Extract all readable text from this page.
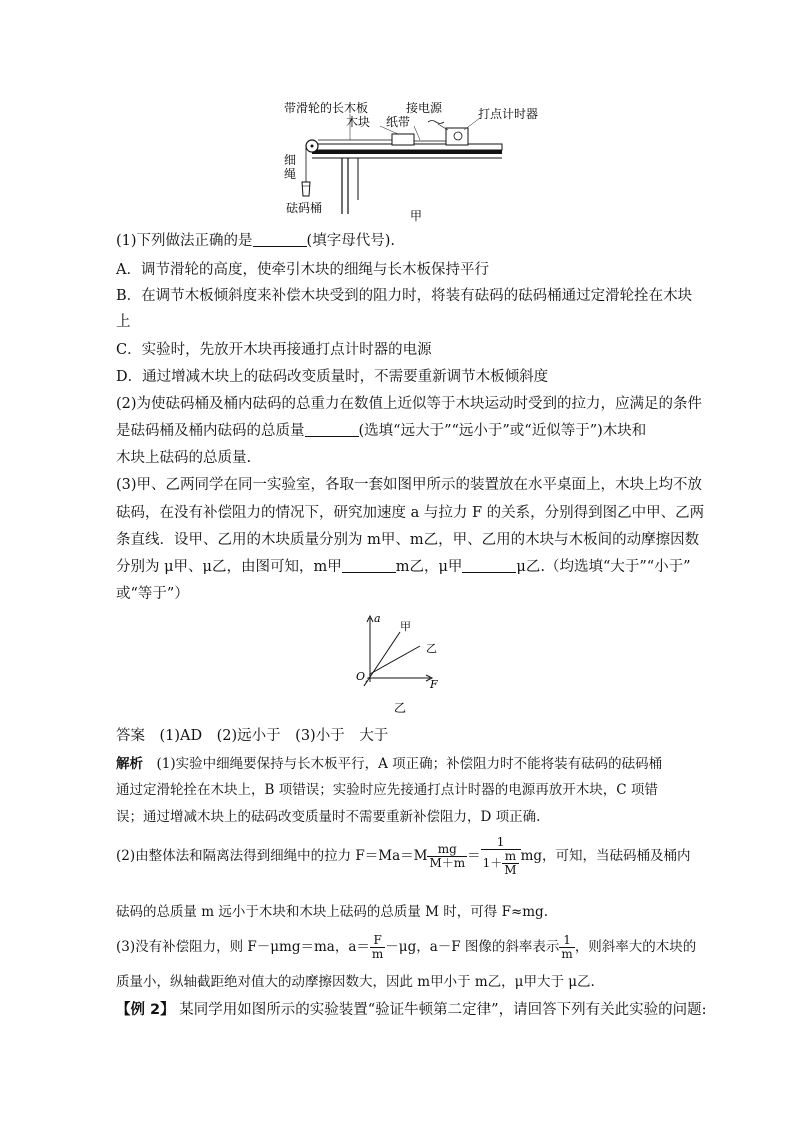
带滑轮的长木板
木块 纸带
接电源	打点计时器
细
绳
砝码桶
甲
(1)下列做法正确的是	(填字母代号).
A．调节滑轮的高度，使牵引木块的细绳与长木板保持平行
B．在调节木板倾斜度来补偿木块受到的阻力时，将装有砝码的砝码桶通过定滑轮拴在木块
上
C．实验时，先放开木块再接通打点计时器的电源
D．通过增减木块上的砝码改变质量时，不需要重新调节木板倾斜度
(2)为使砝码桶及桶内砝码的总重力在数值上近似等于木块运动时受到的拉力，应满足的条件
是砝码桶及桶内砝码的总质量	(选填“远大于”“远小于”或“近似等于”)木块和
木块上砝码的总质量.
(3)甲、乙两同学在同一实验室，各取一套如图甲所示的装置放在水平桌面上，木块上均不放
砝码，在没有补偿阻力的情况下，研究加速度 a 与拉力 F 的关系，分别得到图乙中甲、乙两
条直线．设甲、乙用的木块质量分别为 m甲、m乙，甲、乙用的木块与木板间的动摩擦因数
分别为 μ甲、μ乙，由图可知，m甲	m乙，μ甲	μ乙.（均选填“大于”“小于”
或“等于”）
a
F
O
甲
乙
乙
答案　 (1)AD　(2)远小于　(3)小于　大于
解析　 (1)实验中细绳要保持与长木板平行，A 项正确；补偿阻力时不能将装有砝码的砝码桶
通过定滑轮拴在木块上，B 项错误；实验时应先接通打点计时器的电源再放开木块，C 项错
误；通过增减木块上的砝码改变质量时不需要重新补偿阻力，D 项正确.
(2)由整体法和隔离法得到细绳中的拉力 $F=Ma=M \frac{mg}{M+m} = \frac{1}{1+ \frac{m}{M}}$ mg，可知，当砝码桶及桶内
砝码的总质量 m 远小于木块和木块上砝码的总质量 M 时，可得 F≈mg.
(3)没有补偿阻力，则 F－μmg＝ma，$a= \frac{F}{m} -\mu g$，a－F 图像的斜率表示 $\frac{1}{m}$ ，则斜率大的木块的
质量小，纵轴截距绝对值大的动摩擦因数大，因此 m甲小于 m乙，μ甲大于 μ乙.
【例 2】 某同学用如图所示的实验装置“验证牛顿第二定律”，请回答下列有关此实验的问题:
